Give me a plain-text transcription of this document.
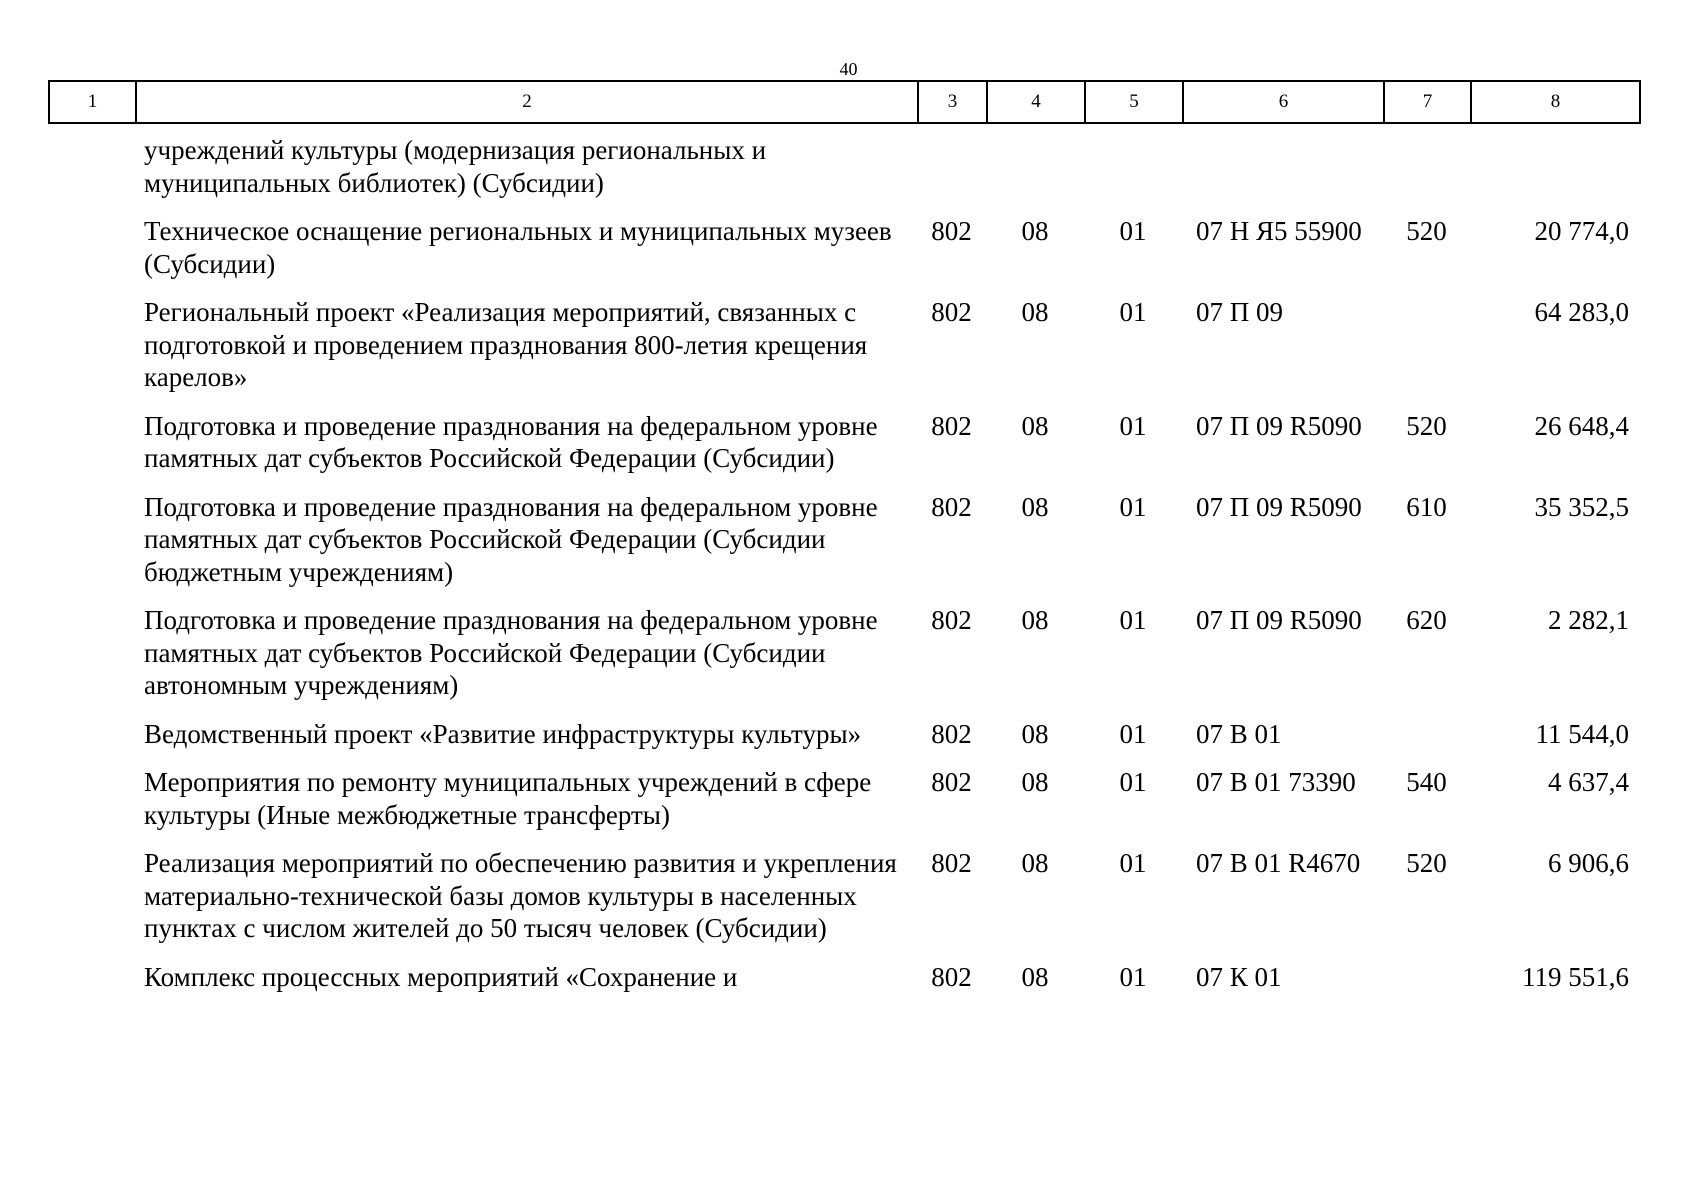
40
1	2	3	4	5	6	7	8
учреждений культуры (модернизация региональных и муниципальных библиотек) (Субсидии)						
Техническое оснащение региональных и муниципальных музеев (Субсидии)	802	08	01	07 Н Я5 55900	520	20 774,0
Региональный проект «Реализация мероприятий, связанных с подготовкой и проведением празднования 800-летия крещения карелов»	802	08	01	07 П 09		64 283,0
Подготовка и проведение празднования на федеральном уровне памятных дат субъектов Российской Федерации (Субсидии)	802	08	01	07 П 09 R5090	520	26 648,4
Подготовка и проведение празднования на федеральном уровне памятных дат субъектов Российской Федерации (Субсидии бюджетным учреждениям)	802	08	01	07 П 09 R5090	610	35 352,5
Подготовка и проведение празднования на федеральном уровне памятных дат субъектов Российской Федерации (Субсидии автономным учреждениям)	802	08	01	07 П 09 R5090	620	2 282,1
Ведомственный проект «Развитие инфраструктуры культуры»	802	08	01	07 В 01		11 544,0
Мероприятия по ремонту муниципальных учреждений в сфере культуры (Иные межбюджетные трансферты)	802	08	01	07 В 01 73390	540	4 637,4
Реализация мероприятий по обеспечению развития и укрепления материально-технической базы домов культуры в населенных пунктах с числом жителей до 50 тысяч человек (Субсидии)	802	08	01	07 В 01 R4670	520	6 906,6
Комплекс процессных мероприятий «Сохранение и	802	08	01	07 К 01		119 551,6
